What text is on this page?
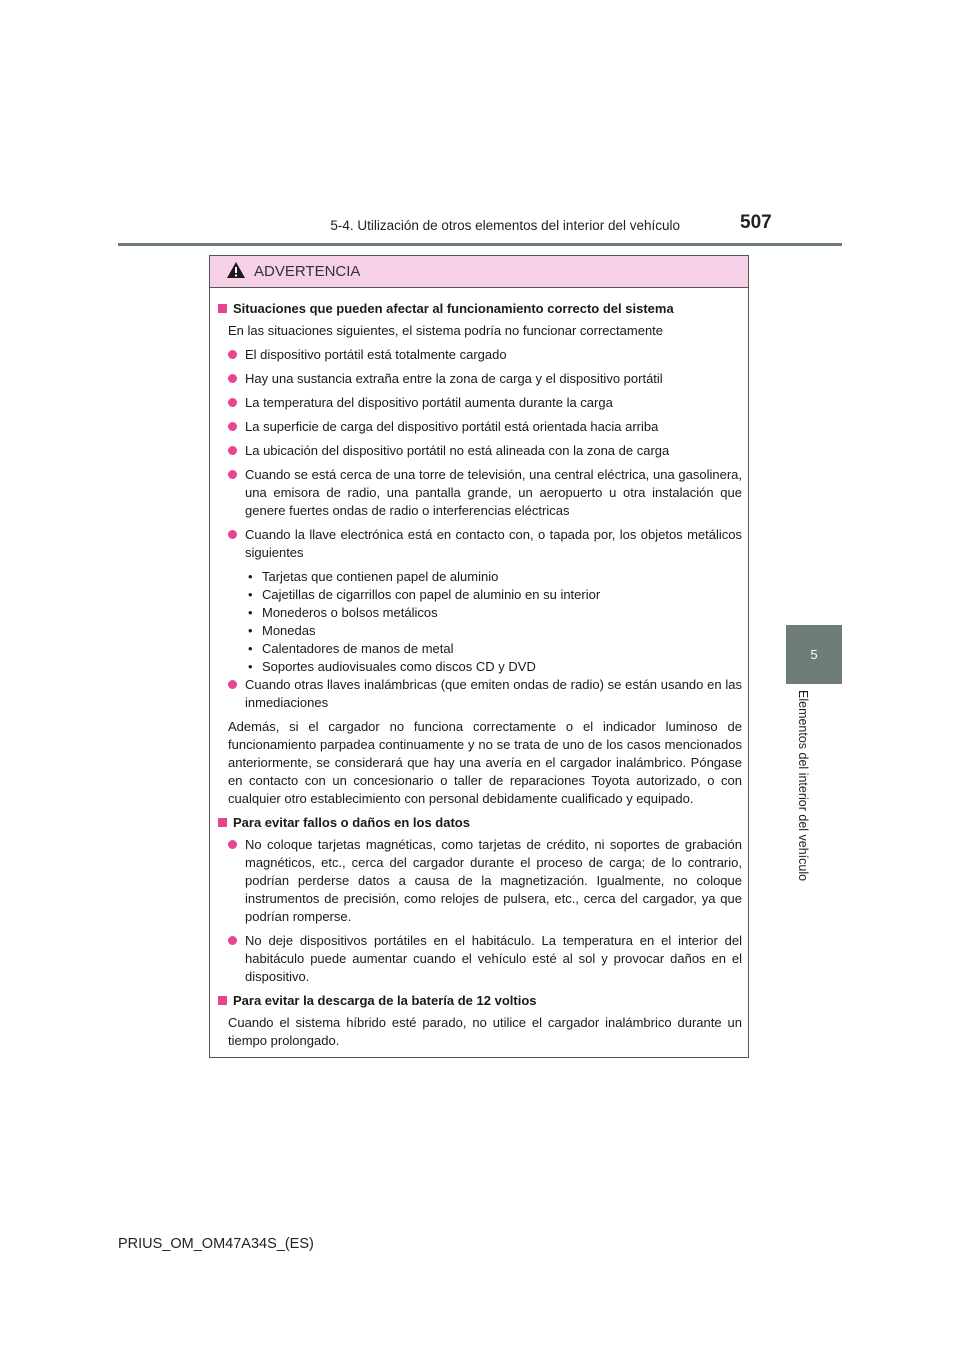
5-4. Utilización de otros elementos del interior del vehículo	507
5
Elementos del interior del vehículo
ADVERTENCIA
Situaciones que pueden afectar al funcionamiento correcto del sistema
En las situaciones siguientes, el sistema podría no funcionar correctamente
El dispositivo portátil está totalmente cargado
Hay una sustancia extraña entre la zona de carga y el dispositivo portátil
La temperatura del dispositivo portátil aumenta durante la carga
La superficie de carga del dispositivo portátil está orientada hacia arriba
La ubicación del dispositivo portátil no está alineada con la zona de carga
Cuando se está cerca de una torre de televisión, una central eléctrica, una gasolinera, una emisora de radio, una pantalla grande, un aeropuerto u otra instalación que genere fuertes ondas de radio o interferencias eléctricas
Cuando la llave electrónica está en contacto con, o tapada por, los objetos metálicos siguientes
• Tarjetas que contienen papel de aluminio
• Cajetillas de cigarrillos con papel de aluminio en su interior
• Monederos o bolsos metálicos
• Monedas
• Calentadores de manos de metal
• Soportes audiovisuales como discos CD y DVD
Cuando otras llaves inalámbricas (que emiten ondas de radio) se están usando en las inmediaciones
Además, si el cargador no funciona correctamente o el indicador luminoso de funcionamiento parpadea continuamente y no se trata de uno de los casos mencionados anteriormente, se considerará que hay una avería en el cargador inalámbrico. Póngase en contacto con un concesionario o taller de reparaciones Toyota autorizado, o con cualquier otro establecimiento con personal debidamente cualificado y equipado.
Para evitar fallos o daños en los datos
No coloque tarjetas magnéticas, como tarjetas de crédito, ni soportes de grabación magnéticos, etc., cerca del cargador durante el proceso de carga; de lo contrario, podrían perderse datos a causa de la magnetización. Igualmente, no coloque instrumentos de precisión, como relojes de pulsera, etc., cerca del cargador, ya que podrían romperse.
No deje dispositivos portátiles en el habitáculo. La temperatura en el interior del habitáculo puede aumentar cuando el vehículo esté al sol y provocar daños en el dispositivo.
Para evitar la descarga de la batería de 12 voltios
Cuando el sistema híbrido esté parado, no utilice el cargador inalámbrico durante un tiempo prolongado.
PRIUS_OM_OM47A34S_(ES)
